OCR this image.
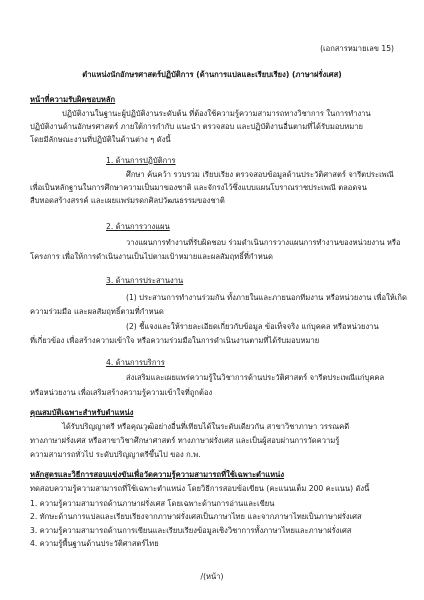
(เอกสารหมายเลข 15)
ตำแหน่งนักอักษรศาสตร์ปฏิบัติการ (ด้านการแปลและเรียบเรียง) (ภาษาฝรั่งเศส)
หน้าที่ความรับผิดชอบหลัก
ปฏิบัติงานในฐานะผู้ปฏิบัติงานระดับต้น ที่ต้องใช้ความรู้ความสามารถทางวิชาการ ในการทำงาน
ปฏิบัติงานด้านอักษรศาสตร์ ภายใต้การกำกับ แนะนำ ตรวจสอบ และปฏิบัติงานอื่นตามที่ได้รับมอบหมาย
โดยมีลักษณะงานที่ปฏิบัติในด้านต่าง ๆ ดังนี้
1. ด้านการปฏิบัติการ
ศึกษา ค้นคว้า รวบรวม เรียบเรียง ตรวจสอบข้อมูลด้านประวัติศาสตร์ จารีตประเพณี
เพื่อเป็นหลักฐานในการศึกษาความเป็นมาของชาติ และจักรงไว้ซึ่งแบบแผนโบราณราชประเพณี ตลอดจน
สืบทอดสร้างสรรค์ และเผยแพร่มรดกศิลปวัฒนธรรมของชาติ
2. ด้านการวางแผน
วางแผนการทำงานที่รับผิดชอบ ร่วมดำเนินการวางแผนการทำงานของหน่วยงาน หรือ
โครงการ เพื่อให้การดำเนินงานเป็นไปตามเป้าหมายและผลสัมฤทธิ์ที่กำหนด
3. ด้านการประสานงาน
(1) ประสานการทำงานร่วมกัน ทั้งภายในและภายนอกทีมงาน หรือหน่วยงาน เพื่อให้เกิด
ความร่วมมือ และผลสัมฤทธิ์ตามที่กำหนด
(2) ชี้แจงและให้รายละเอียดเกี่ยวกับข้อมูล ข้อเท็จจริง แก่บุคคล หรือหน่วยงาน
ที่เกี่ยวข้อง เพื่อสร้างความเข้าใจ หรือความร่วมมือในการดำเนินงานตามที่ได้รับมอบหมาย
4. ด้านการบริการ
ส่งเสริมและเผยแพร่ความรู้ในวิชาการด้านประวัติศาสตร์ จารีตประเพณีแก่บุคคล
หรือหน่วยงาน เพื่อเสริมสร้างความรู้ความเข้าใจที่ถูกต้อง
คุณสมบัติเฉพาะสำหรับตำแหน่ง
ได้รับปริญญาตรี หรือคุณวุฒิอย่างอื่นที่เทียบได้ในระดับเดียวกัน สาขาวิชาภาษา วรรณคดี
ทางภาษาฝรั่งเศส หรือสาขาวิชาศึกษาศาสตร์ ทางภาษาฝรั่งเศส และเป็นผู้สอบผ่านการวัดความรู้
ความสามารถทั่วไป ระดับปริญญาตรีขึ้นไป ของ ก.พ.
หลักสูตรและวิธีการสอบแข่งขันเพื่อวัดความรู้ความสามารถที่ใช้เฉพาะตำแหน่ง
ทดสอบความรู้ความสามารถที่ใช้เฉพาะตำแหน่ง โดยวิธีการสอบข้อเขียน (คะแนนเต็ม 200 คะแนน) ดังนี้
1. ความรู้ความสามารถด้านภาษาฝรั่งเศส โดยเฉพาะด้านการอ่านและเขียน
2. ทักษะด้านการแปลและเรียบเรียงจากภาษาฝรั่งเศสเป็นภาษาไทย และจากภาษาไทยเป็นภาษาฝรั่งเศส
3. ความรู้ความสามารถด้านการเขียนและเรียบเรียงข้อมูลเชิงวิชาการทั้งภาษาไทยและภาษาฝรั่งเศส
4. ความรู้พื้นฐานด้านประวัติศาสตร์ไทย
/(หน้า)
